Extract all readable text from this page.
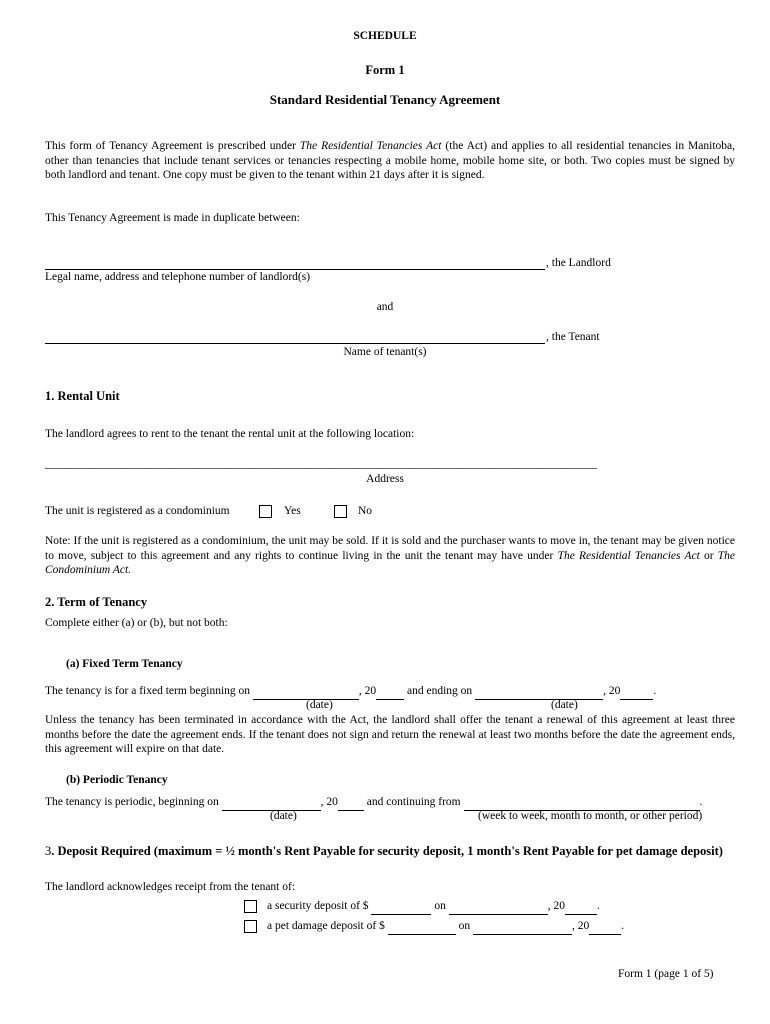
SCHEDULE
Form 1
Standard Residential Tenancy Agreement
This form of Tenancy Agreement is prescribed under The Residential Tenancies Act (the Act) and applies to all residential tenancies in Manitoba, other than tenancies that include tenant services or tenancies respecting a mobile home, mobile home site, or both. Two copies must be signed by both landlord and tenant. One copy must be given to the tenant within 21 days after it is signed.
This Tenancy Agreement is made in duplicate between:
, the Landlord
Legal name, address and telephone number of landlord(s)
and
, the Tenant
Name of tenant(s)
1. Rental Unit
The landlord agrees to rent to the tenant the rental unit at the following location:
________________________________________________________________________________________________
Address
The unit is registered as a condominium	Yes	No
Note: If the unit is registered as a condominium, the unit may be sold. If it is sold and the purchaser wants to move in, the tenant may be given notice to move, subject to this agreement and any rights to continue living in the unit the tenant may have under The Residential Tenancies Act or The Condominium Act.
2. Term of Tenancy
Complete either (a) or (b), but not both:
(a) Fixed Term Tenancy
The tenancy is for a fixed term beginning on	, 20  and ending on	, 20	.
(date)	(date)
Unless the tenancy has been terminated in accordance with the Act, the landlord shall offer the tenant a renewal of this agreement at least three months before the date the agreement ends. If the tenant does not sign and return the renewal at least two months before the date the agreement ends, this agreement will expire on that date.
(b) Periodic Tenancy
The tenancy is periodic, beginning on	, 20  and continuing from	.
(date)	(week to week, month to month, or other period)
3. Deposit Required (maximum = ½ month's Rent Payable for security deposit, 1 month's Rent Payable for pet damage deposit)
The landlord acknowledges receipt from the tenant of:
a security deposit of $	on	, 20	.
a pet damage deposit of $	on	, 20	.
Form 1 (page 1 of 5)
